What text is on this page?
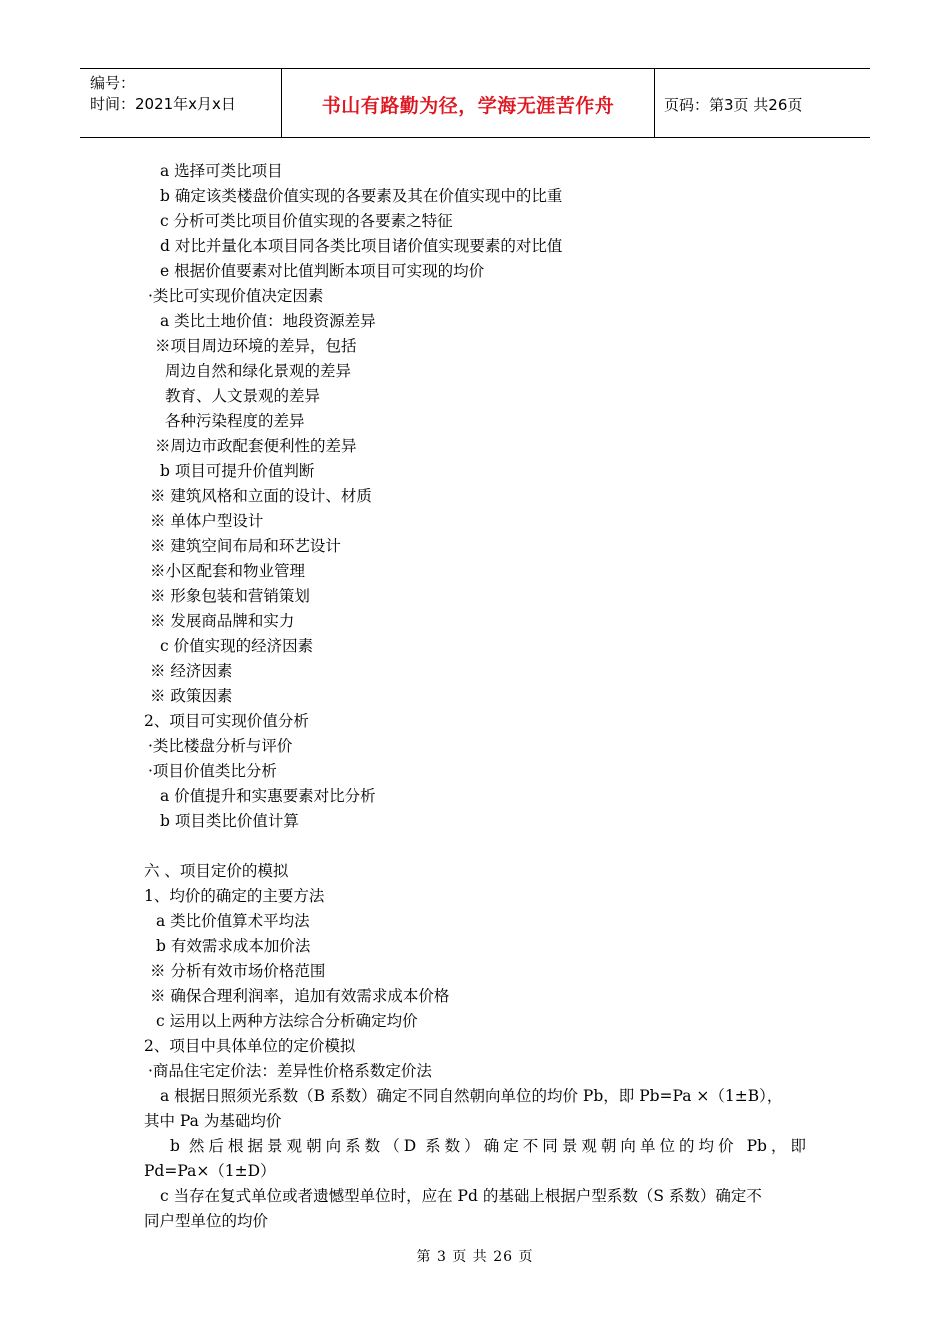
编号：
时间：2021年x月x日	书山有路勤为径，学海无涯苦作舟	页码：第3页 共26页
a 选择可类比项目
b 确定该类楼盘价值实现的各要素及其在价值实现中的比重
c 分析可类比项目价值实现的各要素之特征
d 对比并量化本项目同各类比项目诸价值实现要素的对比值
e 根据价值要素对比值判断本项目可实现的均价
·类比可实现价值决定因素
a 类比土地价值：地段资源差异
※项目周边环境的差异，包括
周边自然和绿化景观的差异
教育、人文景观的差异
各种污染程度的差异
※周边市政配套便利性的差异
b 项目可提升价值判断
※ 建筑风格和立面的设计、材质
※ 单体户型设计
※ 建筑空间布局和环艺设计
※小区配套和物业管理
※ 形象包装和营销策划
※ 发展商品牌和实力
c 价值实现的经济因素
※ 经济因素
※ 政策因素
2、项目可实现价值分析
·类比楼盘分析与评价
·项目价值类比分析
a 价值提升和实惠要素对比分析
b 项目类比价值计算
六 、项目定价的模拟
1、均价的确定的主要方法
a 类比价值算术平均法
b 有效需求成本加价法
※ 分析有效市场价格范围
※ 确保合理利润率，追加有效需求成本价格
c 运用以上两种方法综合分析确定均价
2、项目中具体单位的定价模拟
·商品住宅定价法：差异性价格系数定价法
a 根据日照须光系数（B 系数）确定不同自然朝向单位的均价 Pb，即 Pb=Pa ×（1±B），
其中 Pa 为基础均价
b 然后根据景观朝向系数（D 系数）确定不同景观朝向单位的均价 Pb，即
Pd=Pa×（1±D）
c 当存在复式单位或者遗憾型单位时，应在 Pd 的基础上根据户型系数（S 系数）确定不
同户型单位的均价
第 3 页 共 26 页
